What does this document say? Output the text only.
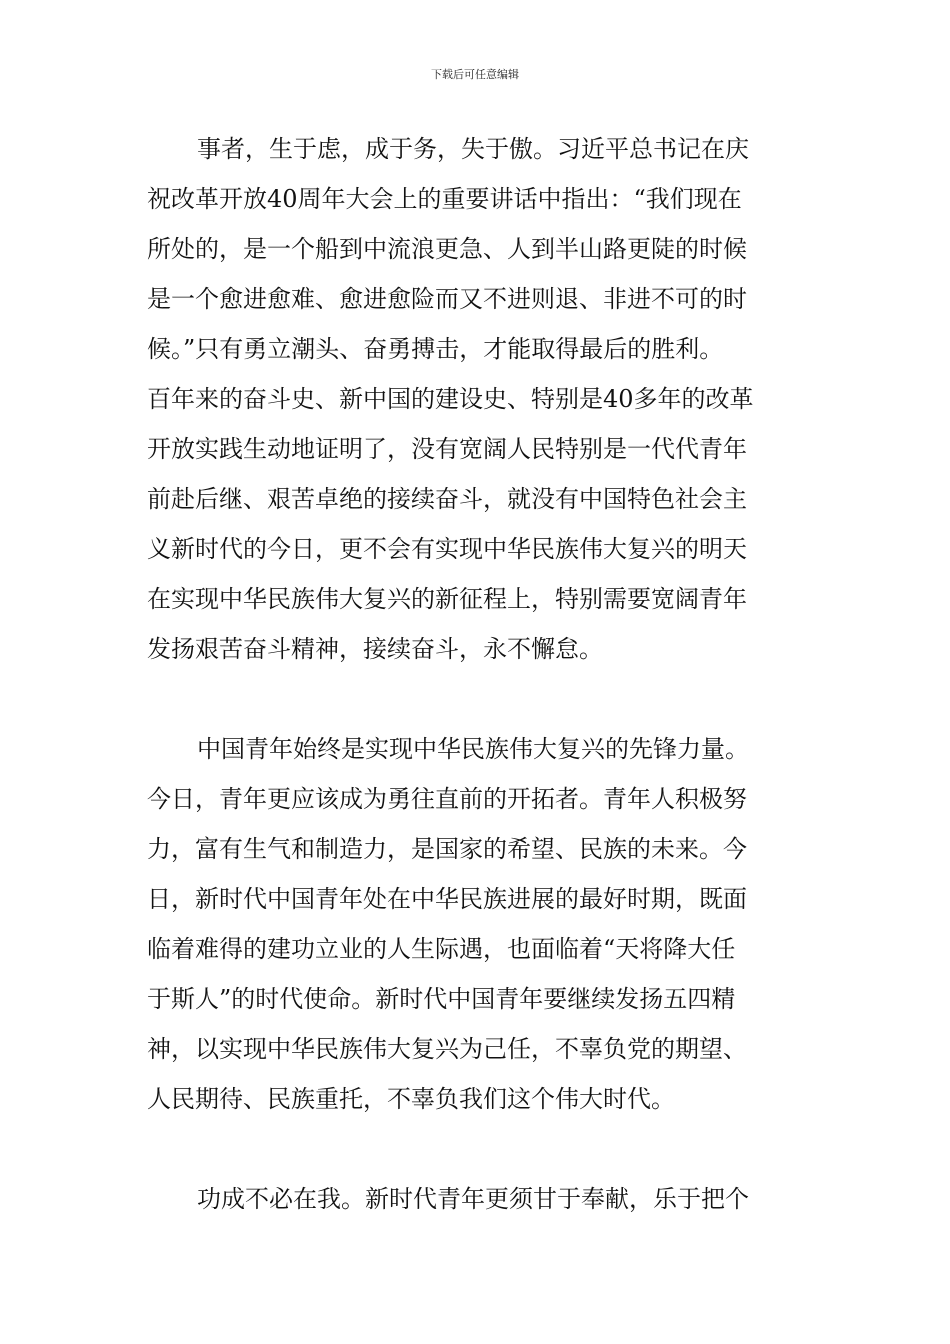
下载后可任意编辑
事者，生于虑，成于务，失于傲。习近平总书记在庆
祝改革开放40周年大会上的重要讲话中指出：“我们现在
所处的，是一个船到中流浪更急、人到半山路更陡的时候
是一个愈进愈难、愈进愈险而又不进则退、非进不可的时
候。”只有勇立潮头、奋勇搏击，才能取得最后的胜利。
百年来的奋斗史、新中国的建设史、特别是40多年的改革
开放实践生动地证明了，没有宽阔人民特别是一代代青年
前赴后继、艰苦卓绝的接续奋斗，就没有中国特色社会主
义新时代的今日，更不会有实现中华民族伟大复兴的明天
在实现中华民族伟大复兴的新征程上，特别需要宽阔青年
发扬艰苦奋斗精神，接续奋斗，永不懈怠。
中国青年始终是实现中华民族伟大复兴的先锋力量。
今日，青年更应该成为勇往直前的开拓者。青年人积极努
力，富有生气和制造力，是国家的希望、民族的未来。今
日，新时代中国青年处在中华民族进展的最好时期，既面
临着难得的建功立业的人生际遇，也面临着“天将降大任
于斯人”的时代使命。新时代中国青年要继续发扬五四精
神，以实现中华民族伟大复兴为己任，不辜负党的期望、
人民期待、民族重托，不辜负我们这个伟大时代。
功成不必在我。新时代青年更须甘于奉献，乐于把个
